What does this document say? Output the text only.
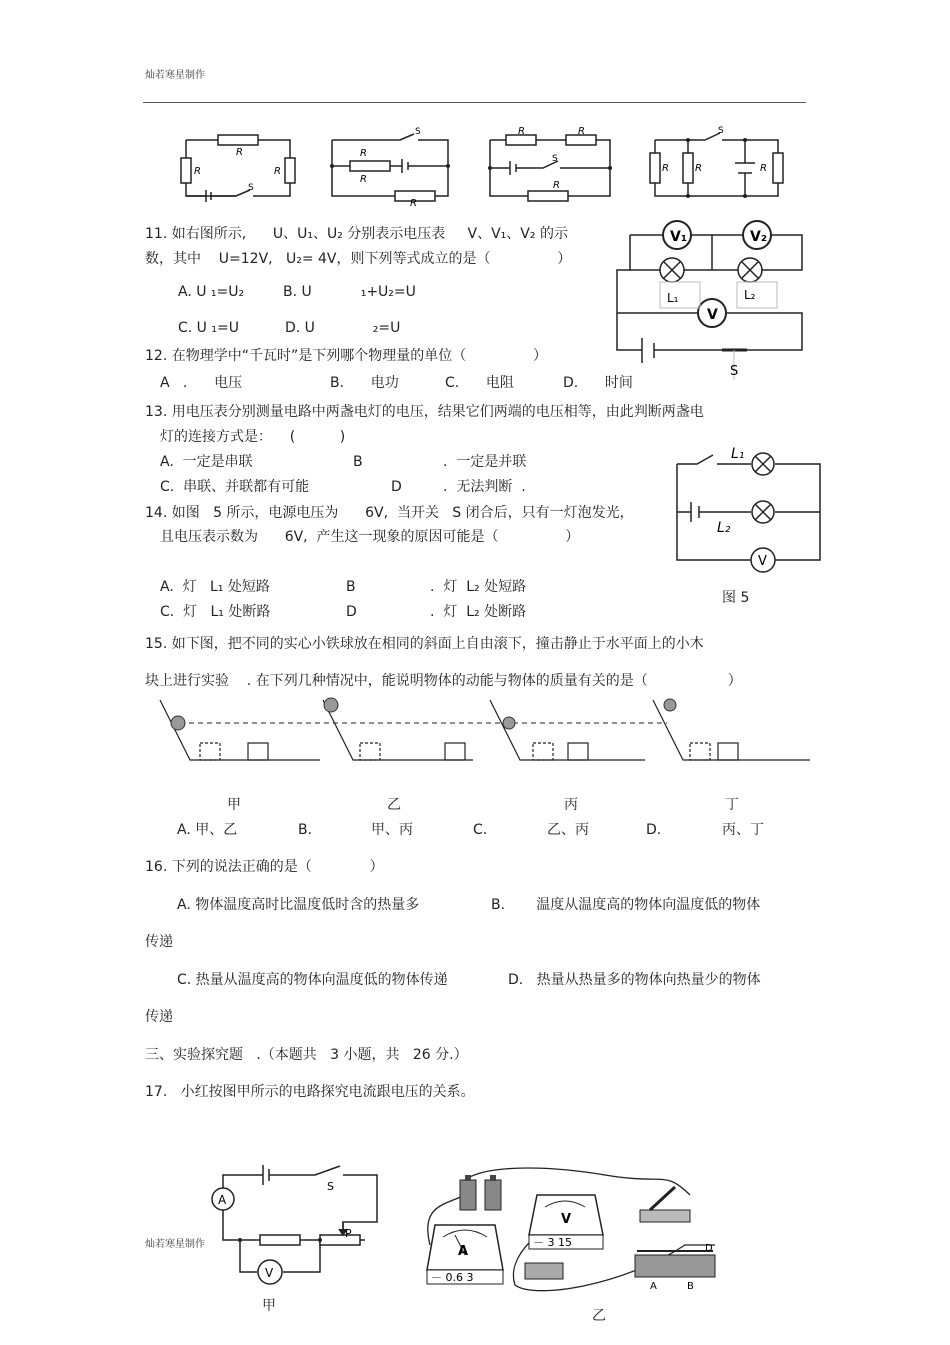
灿若寒星制作
R
R	R
S
S
R
R
R
R	R
S
R
S
R	R	R
11. 如右图所示,      U、U₁、U₂ 分别表示电压表     V、V₁、V₂ 的示
数，其中    U=12V,   U₂= 4V，则下列等式成立的是（               ）
A. U ₁=U₂	B. U           ₁+U₂=U
C. U ₁=U	D. U             ₂=U
V₁	V₂
V
L₁	L₂
S
12. 在物理学中“千瓦时”是下列哪个物理量的单位（               ）
A   .      电压	B.      电功	C.      电阻	D.      时间
13. 用电压表分别测量电路中两盏电灯的电压，结果它们两端的电压相等，由此判断两盏电
灯的连接方式是：    (          )
A.  一定是串联	B	.  一定是并联
C.  串联、并联都有可能	D	.  无法判断  .
L₁
L₂
V
图 5
14. 如图   5 所示，电源电压为      6V,  当开关   S 闭合后，只有一灯泡发光，
且电压表示数为      6V,  产生这一现象的原因可能是（               ）
A.  灯   L₁ 处短路	B	.  灯  L₂ 处短路
C.  灯   L₁ 处断路	D	.  灯  L₂ 处断路
15. 如下图，把不同的实心小铁球放在相同的斜面上自由滚下，撞击静止于水平面上的小木
块上进行实验    . 在下列几种情况中，能说明物体的动能与物体的质量有关的是（                  ）
甲	乙	丙	丁
A. 甲、乙	B.	甲、丙	C.	乙、丙	D.	丙、丁
16. 下列的说法正确的是（             ）
A. 物体温度高时比温度低时含的热量多	B.       温度从温度高的物体向温度低的物体
传递
C. 热量从温度高的物体向温度低的物体传递	D.   热量从热量多的物体向热量少的物体
传递
三、实验探究题   .（本题共   3 小题，共   26 分.）
17.   小红按图甲所示的电路探究电流跟电压的关系。
A
V
S
P
甲
灿若寒星制作	A
－ 0.6 3
V
－ 3 15
A	B
D
乙
